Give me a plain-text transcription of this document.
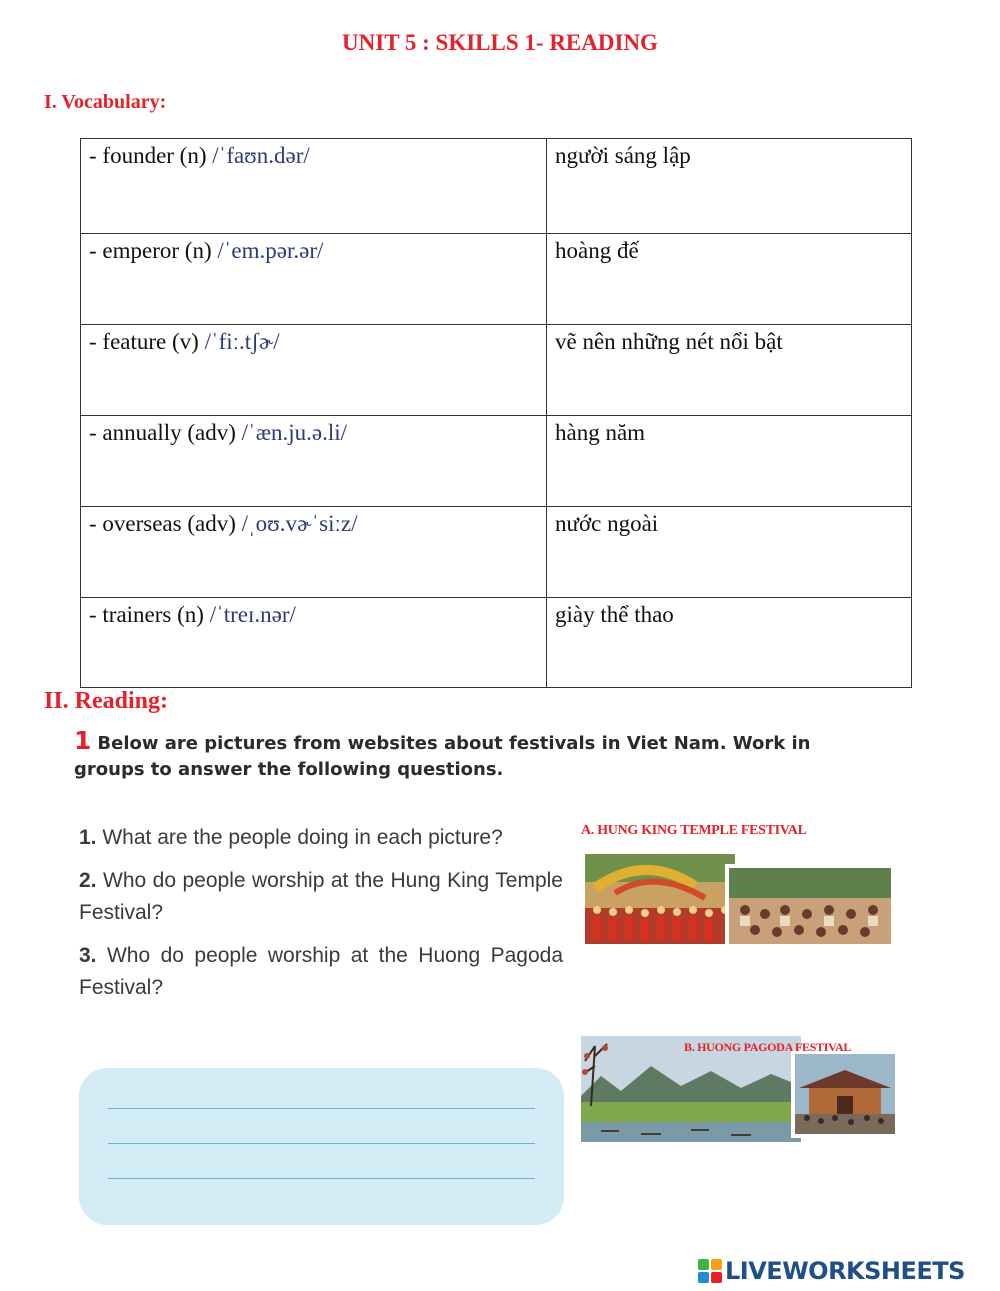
UNIT 5 : SKILLS 1- READING
I. Vocabulary:
- founder (n) /ˈfaʊn.dər/	người sáng lập
- emperor (n) /ˈem.pər.ər/	hoàng đế
- feature (v) /ˈfiː.tʃɚ/	vẽ nên những nét nổi bật
- annually (adv) /ˈæn.ju.ə.li/	hàng năm
- overseas (adv) /ˌoʊ.vɚˈsiːz/	nước ngoài
- trainers (n) /ˈtreɪ.nər/	giày thể thao
II. Reading:
1 Below are pictures from websites about festivals in Viet Nam. Work in groups to answer the following questions.

1. What are the people doing in each picture?

2. Who do people worship at the Hung King Temple Festival?

3. Who do people worship at the Huong Pagoda Festival?

A. HUNG KING TEMPLE FESTIVAL
B. HUONG PAGODA FESTIVAL
LIVEWORKSHEETS
